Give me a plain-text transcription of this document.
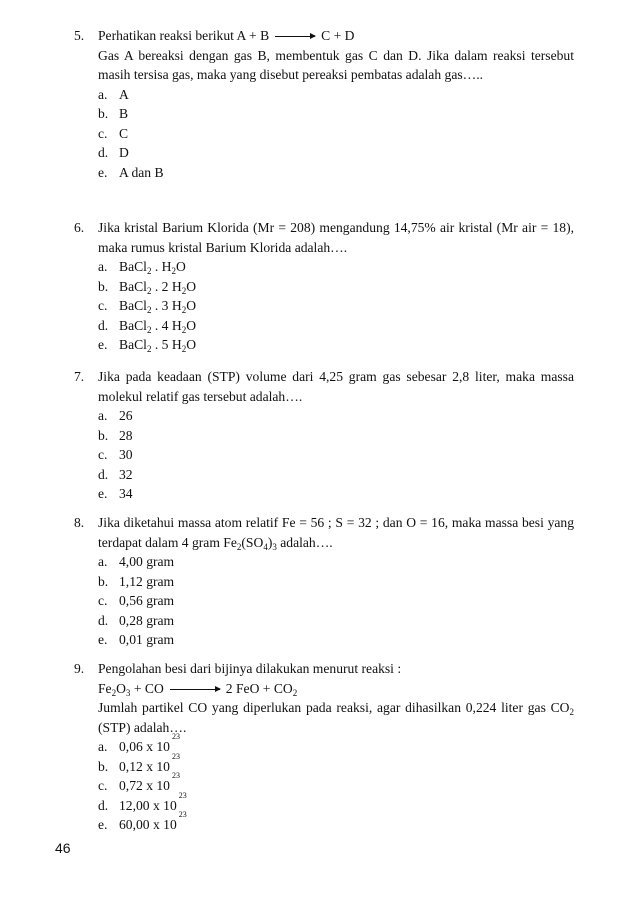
5.	Perhatikan reaksi berikut A + B → C + D
Gas A bereaksi dengan gas B, membentuk gas C dan D. Jika dalam reaksi tersebut masih tersisa gas, maka yang disebut pereaksi pembatas adalah gas…..
a. A
b. B
c. C
d. D
e. A dan B
6.	Jika kristal Barium Klorida (Mr = 208) mengandung 14,75% air kristal (Mr air = 18), maka rumus kristal Barium Klorida adalah….
a. BaCl$_2$ . $H_2O$
b. BaCl$_2$ . 2 $H_2O$
c. BaCl$_2$ . 3 $H_2O$
d. BaCl$_2$ . 4 $H_2O$
e. BaCl$_2$ . 5 $H_2O$
7.	Jika pada keadaan (STP) volume dari 4,25 gram gas sebesar 2,8 liter, maka massa molekul relatif gas tersebut adalah….
a. 26
b. 28
c. 30
d. 32
e. 34
8.	Jika diketahui massa atom relatif Fe = 56 ; S = 32 ; dan O = 16, maka massa besi yang terdapat dalam 4 gram $Fe_2(SO_4)_3$ adalah….
a. 4,00 gram
b. 1,12 gram
c. 0,56 gram
d. 0,28 gram
e. 0,01 gram
9.	Pengolahan besi dari bijinya dilakukan menurut reaksi :
$Fe_2O_3$ + CO → 2 FeO + $CO_2$
Jumlah partikel CO yang diperlukan pada reaksi, agar dihasilkan 0,224 liter gas $CO_2$ (STP) adalah….
a. 0,06 x 10
23
b. 0,12 x 10
23
c. 0,72 x 10
23
d. 12,00 x 10
23
e. 60,00 x 10
23
46
